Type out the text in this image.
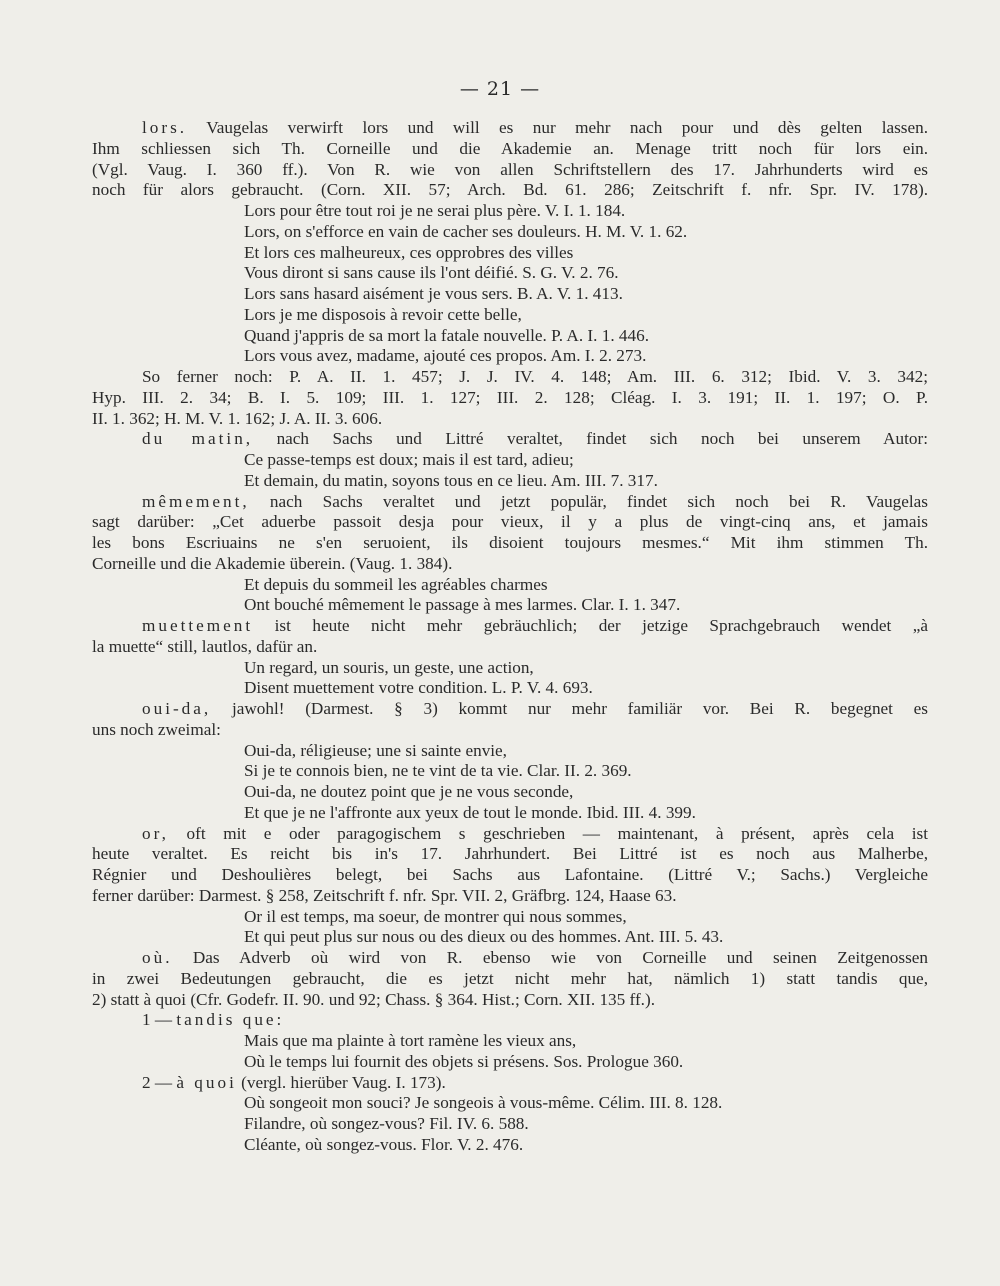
— 21 —
lors. Vaugelas verwirft lors und will es nur mehr nach pour und dès gelten lassen.
Ihm schliessen sich Th. Corneille und die Akademie an. Menage tritt noch für lors ein.
(Vgl. Vaug. I. 360 ff.). Von R. wie von allen Schriftstellern des 17. Jahrhunderts wird es
noch für alors gebraucht. (Corn. XII. 57; Arch. Bd. 61. 286; Zeitschrift f. nfr. Spr. IV. 178).
Lors pour être tout roi je ne serai plus père. V. I. 1. 184.
Lors, on s'efforce en vain de cacher ses douleurs. H. M. V. 1. 62.
Et lors ces malheureux, ces opprobres des villes
Vous diront si sans cause ils l'ont déifié. S. G. V. 2. 76.
Lors sans hasard aisément je vous sers. B. A. V. 1. 413.
Lors je me disposois à revoir cette belle,
Quand j'appris de sa mort la fatale nouvelle. P. A. I. 1. 446.
Lors vous avez, madame, ajouté ces propos. Am. I. 2. 273.
So ferner noch: P. A. II. 1. 457; J. J. IV. 4. 148; Am. III. 6. 312; Ibid. V. 3. 342;
Hyp. III. 2. 34; B. I. 5. 109; III. 1. 127; III. 2. 128; Cléag. I. 3. 191; II. 1. 197; O. P.
II. 1. 362; H. M. V. 1. 162; J. A. II. 3. 606.
du matin, nach Sachs und Littré veraltet, findet sich noch bei unserem Autor:
Ce passe-temps est doux; mais il est tard, adieu;
Et demain, du matin, soyons tous en ce lieu. Am. III. 7. 317.
mêmement, nach Sachs veraltet und jetzt populär, findet sich noch bei R. Vaugelas
sagt darüber: „Cet aduerbe passoit desja pour vieux, il y a plus de vingt-cinq ans, et jamais
les bons Escriuains ne s'en seruoient, ils disoient toujours mesmes.“ Mit ihm stimmen Th.
Corneille und die Akademie überein. (Vaug. 1. 384).
Et depuis du sommeil les agréables charmes
Ont bouché mêmement le passage à mes larmes. Clar. I. 1. 347.
muettement ist heute nicht mehr gebräuchlich; der jetzige Sprachgebrauch wendet „à
la muette“ still, lautlos, dafür an.
Un regard, un souris, un geste, une action,
Disent muettement votre condition. L. P. V. 4. 693.
oui-da, jawohl! (Darmest. § 3) kommt nur mehr familiär vor. Bei R. begegnet es
uns noch zweimal:
Oui-da, réligieuse; une si sainte envie,
Si je te connois bien, ne te vint de ta vie. Clar. II. 2. 369.
Oui-da, ne doutez point que je ne vous seconde,
Et que je ne l'affronte aux yeux de tout le monde. Ibid. III. 4. 399.
or, oft mit e oder paragogischem s geschrieben — maintenant, à présent, après cela ist
heute veraltet. Es reicht bis in's 17. Jahrhundert. Bei Littré ist es noch aus Malherbe,
Régnier und Deshoulières belegt, bei Sachs aus Lafontaine. (Littré V.; Sachs.) Vergleiche
ferner darüber: Darmest. § 258, Zeitschrift f. nfr. Spr. VII. 2, Gräfbrg. 124, Haase 63.
Or il est temps, ma soeur, de montrer qui nous sommes,
Et qui peut plus sur nous ou des dieux ou des hommes. Ant. III. 5. 43.
où. Das Adverb où wird von R. ebenso wie von Corneille und seinen Zeitgenossen
in zwei Bedeutungen gebraucht, die es jetzt nicht mehr hat, nämlich 1) statt tandis que,
2) statt à quoi (Cfr. Godefr. II. 90. und 92; Chass. § 364. Hist.; Corn. XII. 135 ff.).
1 — tandis que:
Mais que ma plainte à tort ramène les vieux ans,
Où le temps lui fournit des objets si présens. Sos. Prologue 360.
2 — à quoi (vergl. hierüber Vaug. I. 173).
Où songeoit mon souci? Je songeois à vous-même. Célim. III. 8. 128.
Filandre, où songez-vous? Fil. IV. 6. 588.
Cléante, où songez-vous. Flor. V. 2. 476.
